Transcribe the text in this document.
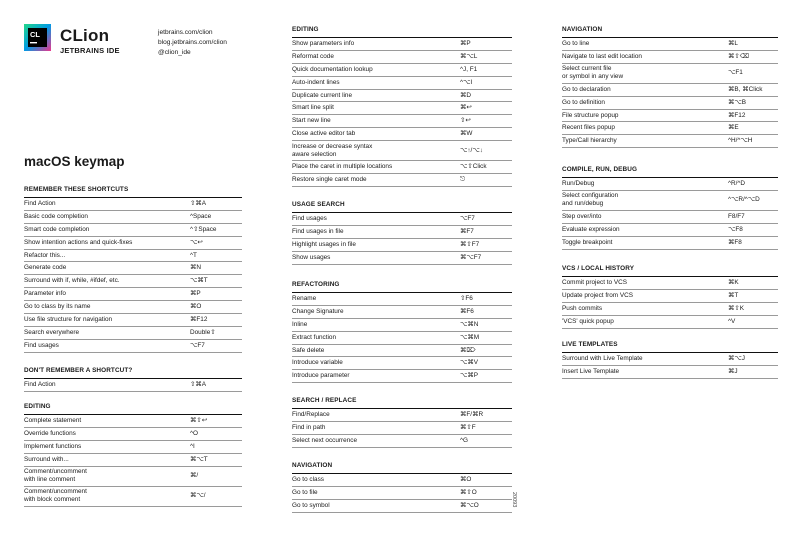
CL CLion
JETBRAINS IDE
jetbrains.com/clion
blog.jetbrains.com/clion
@clion_ide
macOS keymap
REMEMBER THESE SHORTCUTS
Find Action	⇧⌘A
Basic code completion	^Space
Smart code completion	^⇧Space
Show intention actions and quick-fixes	⌥↩
Refactor this...	^T
Generate code	⌘N
Surround with if, while, #ifdef, etc.	⌥⌘T
Parameter info	⌘P
Go to class by its name	⌘O
Use file structure for navigation	⌘F12
Search everywhere	Double⇧
Find usages	⌥F7
DON'T REMEMBER A SHORTCUT?
Find Action	⇧⌘A
EDITING
Complete statement	⌘⇧↩
Override functions	^O
Implement functions	^I
Surround with...	⌘⌥T
Comment/uncomment
with line comment
⌘/
Comment/uncomment
with block comment
⌘⌥/
EDITING
Show parameters info	⌘P
Reformat code	⌘⌥L
Quick documentation lookup	^J, F1
Auto-indent lines	^⌥I
Duplicate current line	⌘D
Smart line split	⌘↩
Start new line	⇧↩
Close active editor tab	⌘W
Increase or decrease syntax
aware selection
⌥↑/⌥↓
Place the caret in multiple locations	⌥⇧Click
Restore single caret mode	⎋
USAGE SEARCH
Find usages	⌥F7
Find usages in file	⌘F7
Highlight usages in file	⌘⇧F7
Show usages	⌘⌥F7
REFACTORING
Rename	⇧F6
Change Signature	⌘F6
Inline	⌥⌘N
Extract function	⌥⌘M
Safe delete	⌘⌦
Introduce variable	⌥⌘V
Introduce parameter	⌥⌘P
SEARCH / REPLACE
Find/Replace	⌘F/⌘R
Find in path	⌘⇧F
Select next occurrence	^G
NAVIGATION
Go to class	⌘O
Go to file	⌘⇧O
Go to symbol	⌘⌥O
NAVIGATION
Go to line	⌘L
Navigate to last edit location	⌘⇧⌫
Select current file
or symbol in any view
⌥F1
Go to declaration	⌘B, ⌘Click
Go to definition	⌘⌥B
File structure popup	⌘F12
Recent files popup	⌘E
Type/Call hierarchy	^H/^⌥H
COMPILE, RUN, DEBUG
Run/Debug	^R/^D
Select configuration
and run/debug
^⌥R/^⌥D
Step over/into	F8/F7
Evaluate expression	⌥F8
Toggle breakpoint	⌘F8
VCS / LOCAL HISTORY
Commit project to VCS	⌘K
Update project from VCS	⌘T
Push commits	⌘⇧K
'VCS' quick popup	^V
LIVE TEMPLATES
Surround with Live Template	⌘⌥J
Insert Live Template	⌘J
20093
